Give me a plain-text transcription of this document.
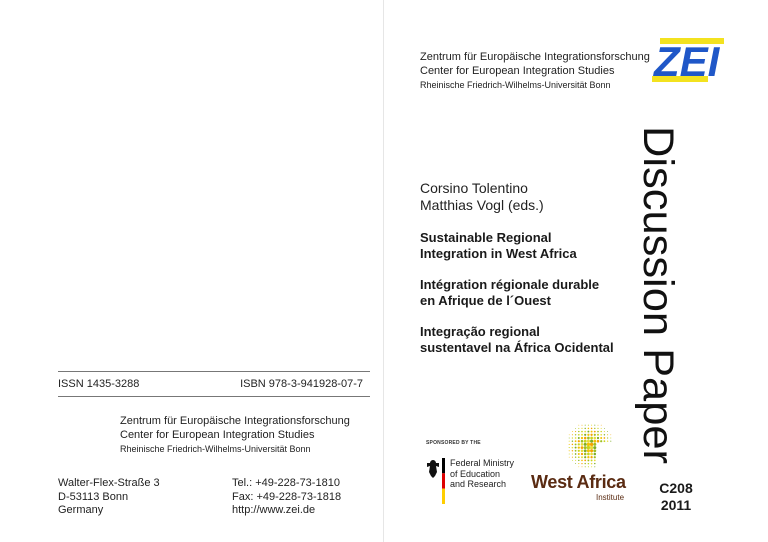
Zentrum für Europäische Integrationsforschung
Center for European Integration Studies
Rheinische Friedrich-Wilhelms-Universität Bonn	ZEI
Corsino Tolentino
Matthias Vogl (eds.)
Sustainable Regional
Integration in West Africa
Intégration régionale durable
en Afrique de l´Ouest
Integração regional
sustentavel na África Ocidental Discussion Paper
C208
2011
SPONSORED BY THE
Federal Ministry
of Education
and Research	West Africa
Institute
ISSN 1435-3288	ISBN 978-3-941928-07-7
Zentrum für Europäische Integrationsforschung
Center for European Integration Studies
Rheinische Friedrich-Wilhelms-Universität Bonn
Walter-Flex-Straße 3
D-53113 Bonn
Germany
Tel.: +49-228-73-1810
Fax: +49-228-73-1818
http://www.zei.de
